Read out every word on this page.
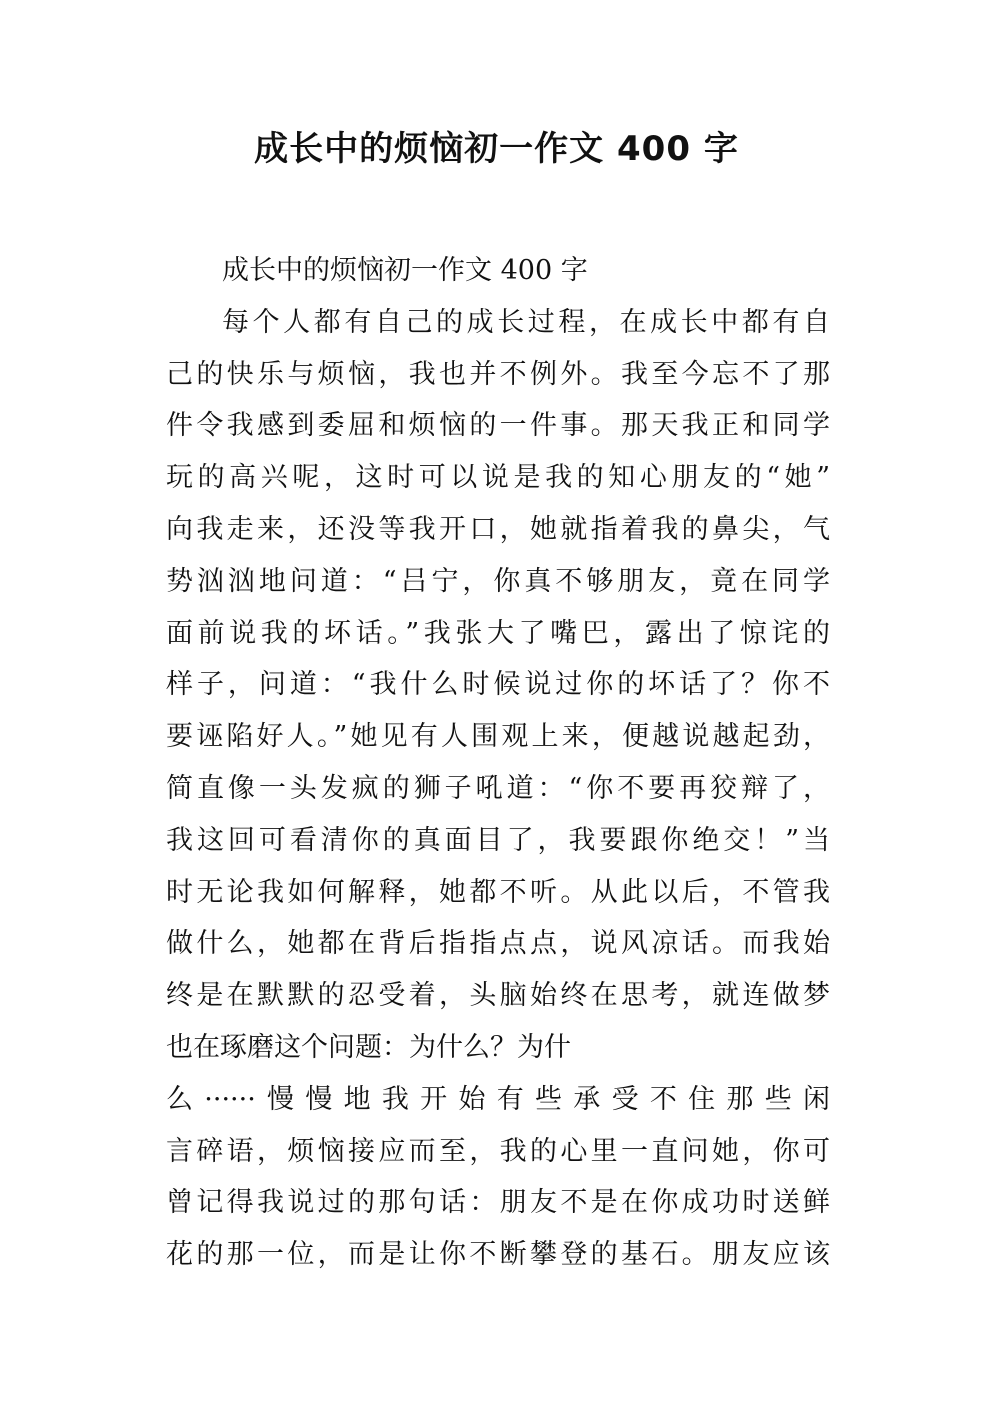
成长中的烦恼初一作文 400 字

成长中的烦恼初一作文 400 字

每个人都有自己的成长过程，在成长中都有自
己的快乐与烦恼，我也并不例外。我至今忘不了那
件令我感到委屈和烦恼的一件事。那天我正和同学
玩的高兴呢，这时可以说是我的知心朋友的“她”
向我走来，还没等我开口，她就指着我的鼻尖，气
势汹汹地问道：“吕宁，你真不够朋友，竟在同学
面前说我的坏话。”我张大了嘴巴，露出了惊诧的
样子，问道：“我什么时候说过你的坏话了？你不
要诬陷好人。”她见有人围观上来，便越说越起劲，
简直像一头发疯的狮子吼道：“你不要再狡辩了，
我这回可看清你的真面目了，我要跟你绝交！”当
时无论我如何解释，她都不听。从此以后，不管我
做什么，她都在背后指指点点，说风凉话。而我始
终是在默默的忍受着，头脑始终在思考，就连做梦
也在琢磨这个问题：为什么？为什
么······慢慢地我开始有些承受不住那些闲
言碎语，烦恼接应而至，我的心里一直问她，你可
曾记得我说过的那句话：朋友不是在你成功时送鲜
花的那一位，而是让你不断攀登的基石。朋友应该
